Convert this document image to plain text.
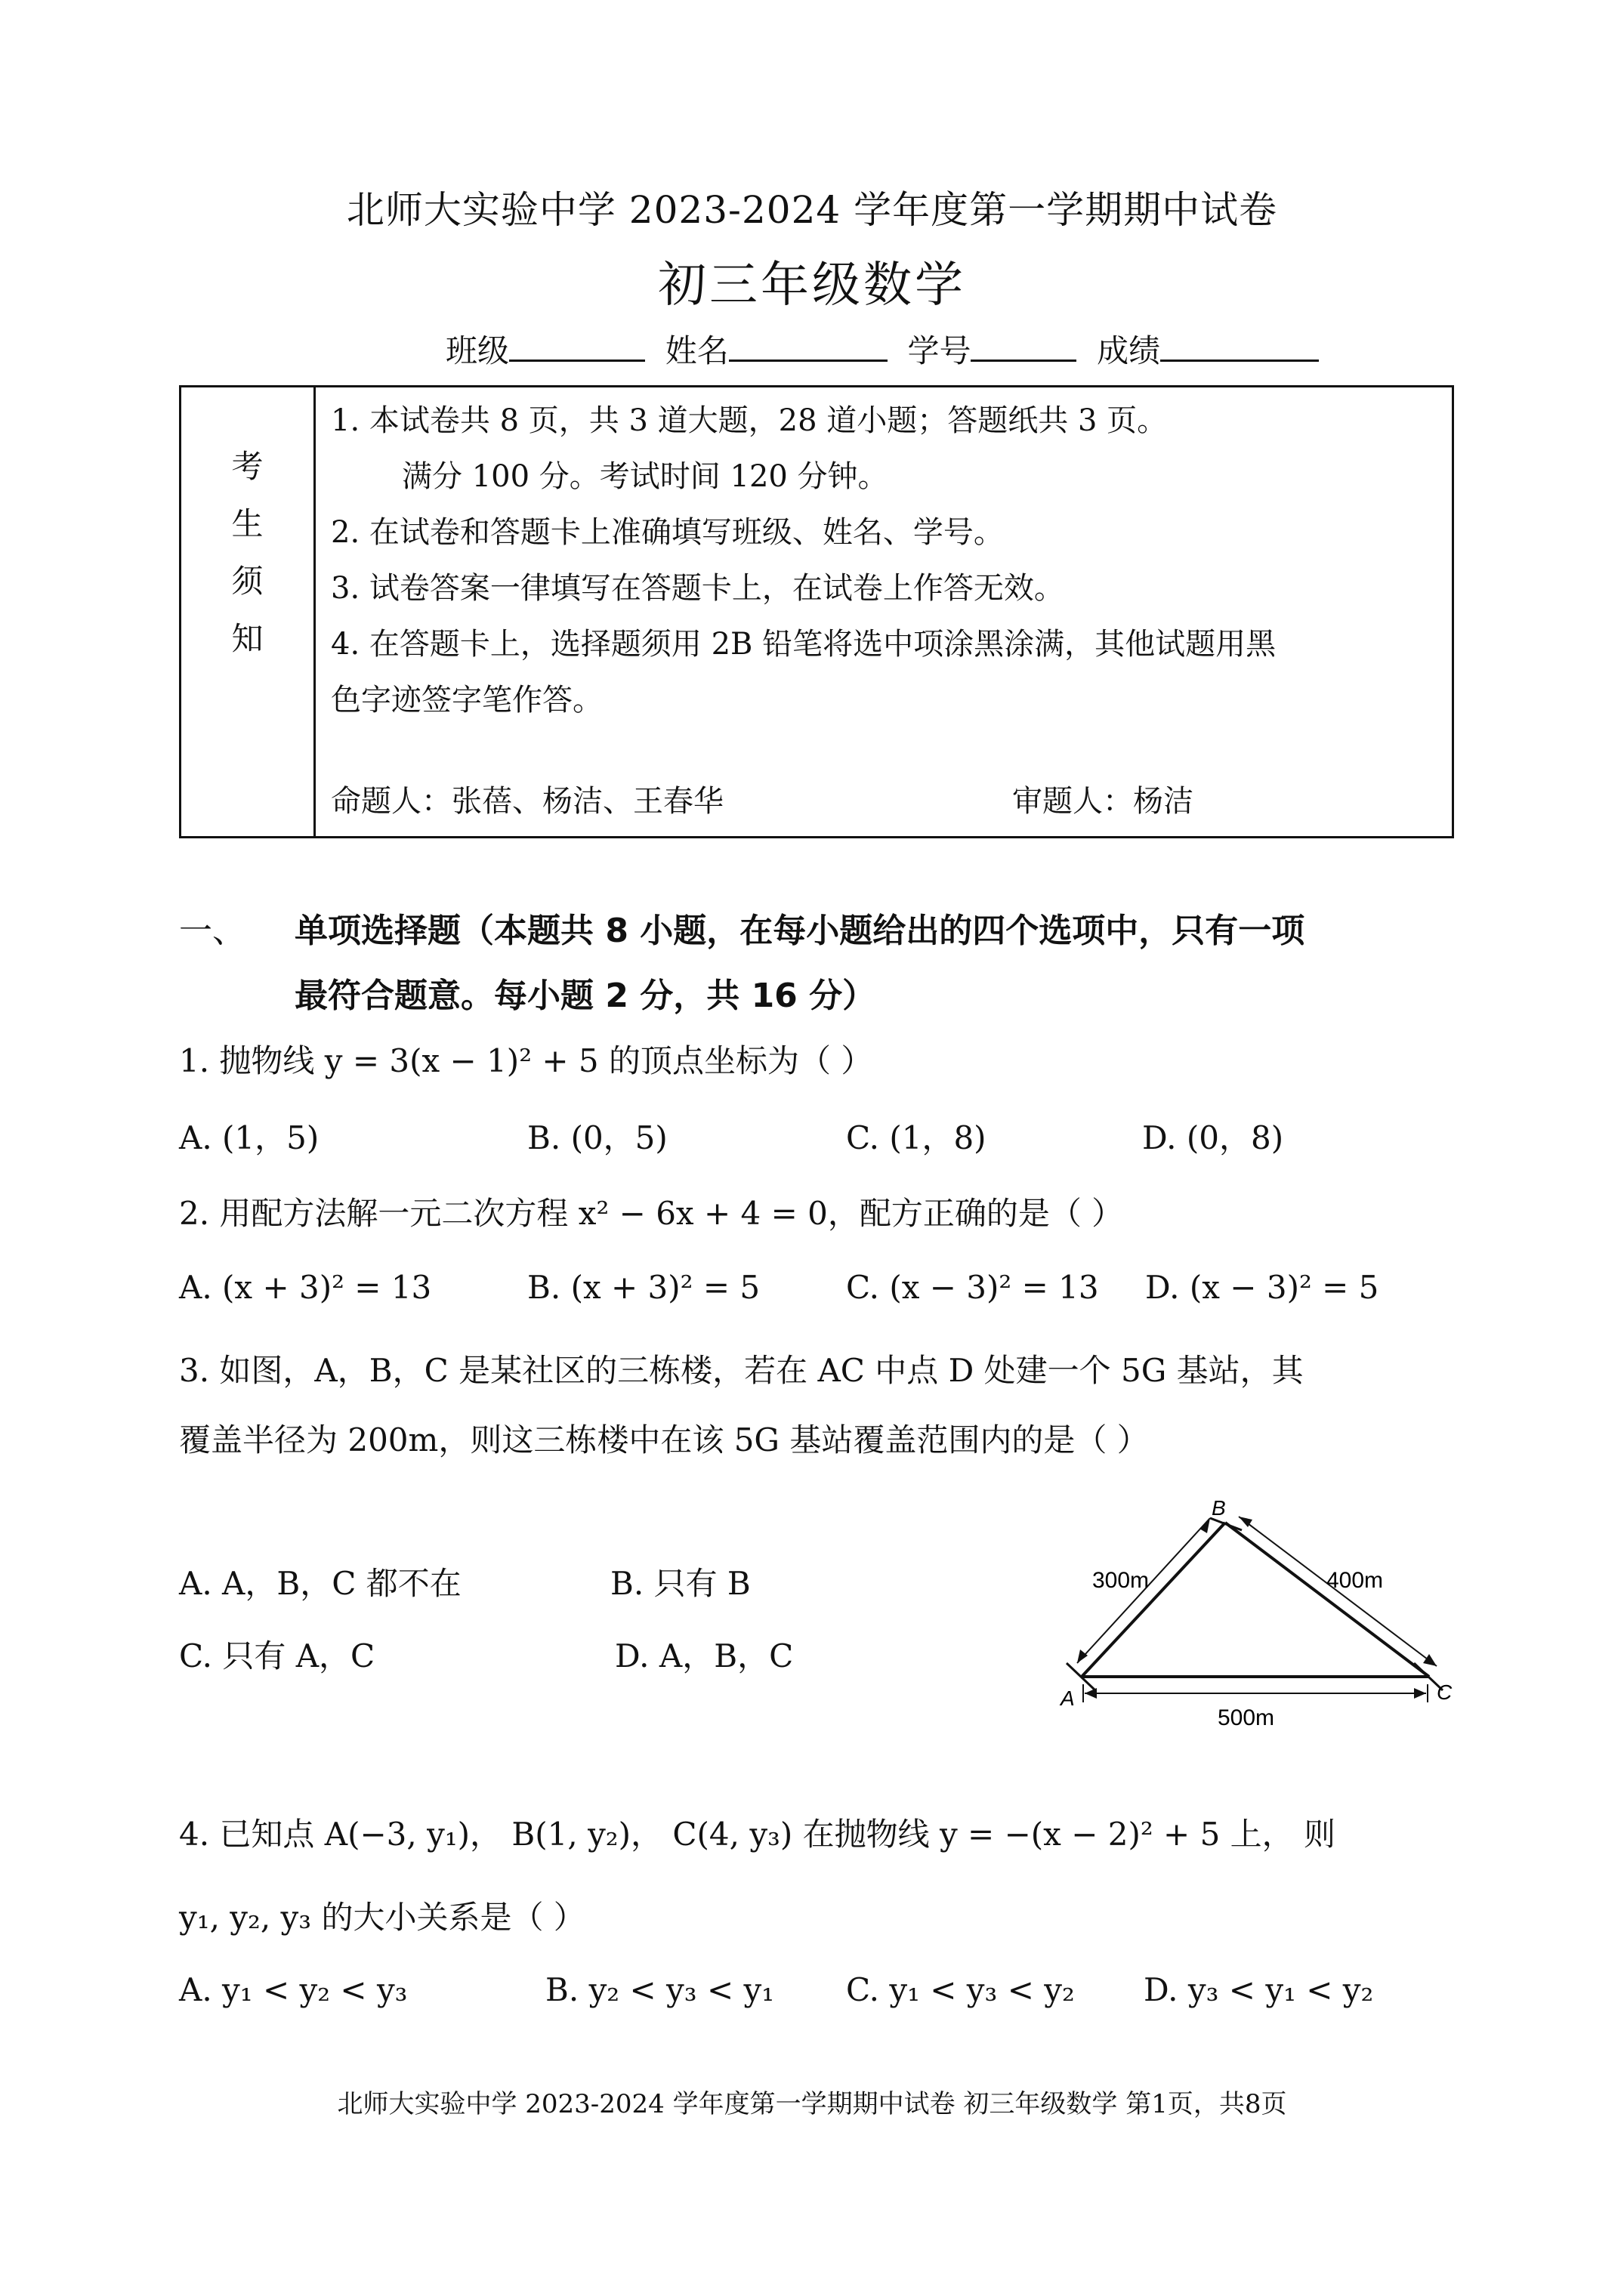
北师大实验中学 2023-2024 学年度第一学期期中试卷
初三年级数学
班级	姓名	学号	成绩
考
生
须
知
1. 本试卷共 8 页，共 3 道大题，28 道小题；答题纸共 3 页。
满分 100 分。考试时间 120 分钟。
2. 在试卷和答题卡上准确填写班级、姓名、学号。
3. 试卷答案一律填写在答题卡上，在试卷上作答无效。
4. 在答题卡上，选择题须用 2B 铅笔将选中项涂黑涂满，其他试题用黑
色字迹签字笔作答。
命题人：张蓓、杨洁、王春华	审题人：杨洁
一、 单项选择题（本题共 8 小题，在每小题给出的四个选项中，只有一项
最符合题意。每小题 2 分，共 16 分）
1. 抛物线 y = 3(x − 1)² + 5 的顶点坐标为（ ）
A. (1，5)	B. (0，5)	C. (1，8)	D. (0，8)
2. 用配方法解一元二次方程 x² − 6x + 4 = 0，配方正确的是（ ）
A. (x + 3)² = 13	B. (x + 3)² = 5	C. (x − 3)² = 13 D. (x − 3)² = 5
3. 如图，A，B，C 是某社区的三栋楼，若在 AC 中点 D 处建一个 5G 基站，其
覆盖半径为 200m，则这三栋楼中在该 5G 基站覆盖范围内的是（ ）
A. A，B，C 都不在	B. 只有 B
C. 只有 A，C	D. A，B，C
A
B
C
300m	400m
500m
4. 已知点 A(−3, y₁)， B(1, y₂)， C(4, y₃) 在抛物线 y = −(x − 2)² + 5 上， 则
y₁, y₂, y₃ 的大小关系是（ ）
A. y₁ < y₂ < y₃	B. y₂ < y₃ < y₁ C. y₁ < y₃ < y₂ D. y₃ < y₁ < y₂
北师大实验中学 2023-2024 学年度第一学期期中试卷 初三年级数学 第1页，共8页
